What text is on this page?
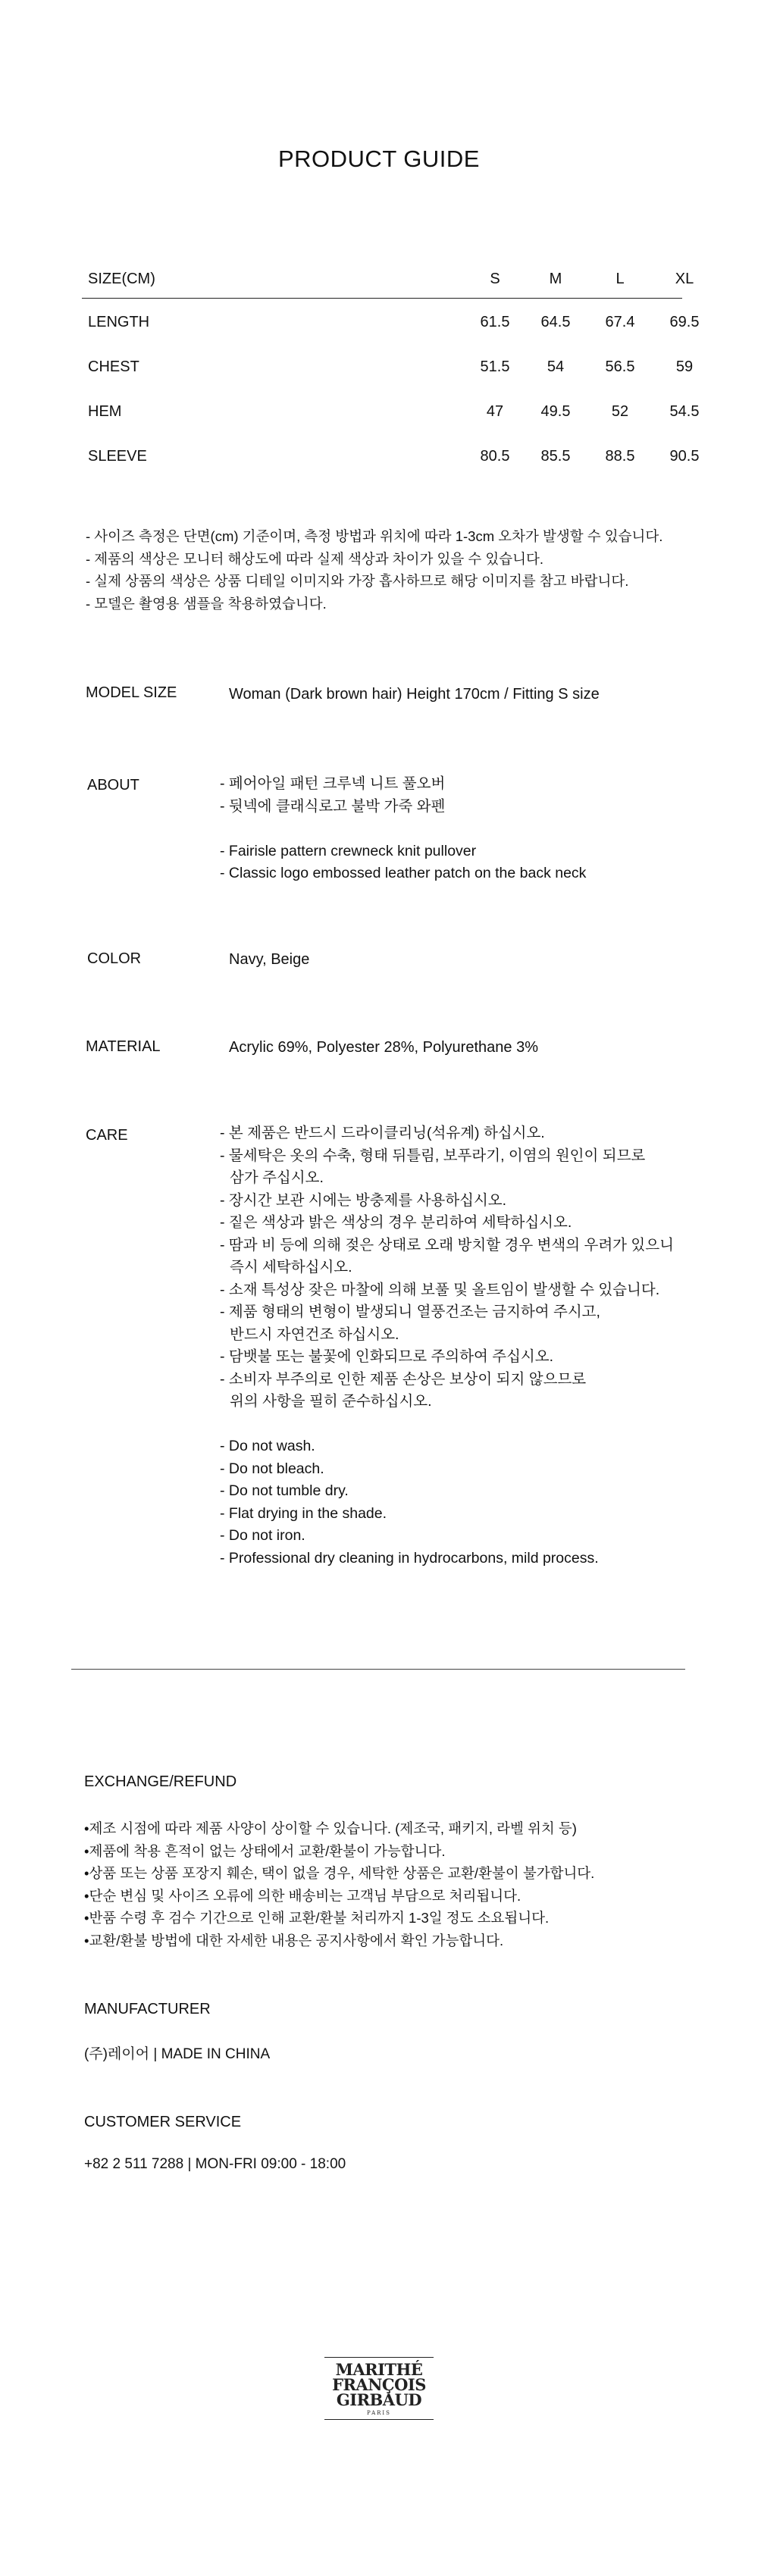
PRODUCT GUIDE
SIZE(CM)	S	M	L	XL
LENGTH	61.5	64.5	67.4	69.5
CHEST	51.5	54	56.5	59
HEM	47	49.5	52	54.5
SLEEVE	80.5	85.5	88.5	90.5
- 사이즈 측정은 단면(cm) 기준이며, 측정 방법과 위치에 따라 1-3cm 오차가 발생할 수 있습니다.
- 제품의 색상은 모니터 해상도에 따라 실제 색상과 차이가 있을 수 있습니다.
- 실제 상품의 색상은 상품 디테일 이미지와 가장 흡사하므로 해당 이미지를 참고 바랍니다.
- 모델은 촬영용 샘플을 착용하였습니다.
MODEL SIZE	Woman (Dark brown hair) Height 170cm / Fitting S size
ABOUT	- 페어아일 패턴 크루넥 니트 풀오버
- 뒷넥에 클래식로고 불박 가죽 와펜
- Fairisle pattern crewneck knit pullover
- Classic logo embossed leather patch on the back neck
COLOR	Navy, Beige
MATERIAL	Acrylic 69%, Polyester 28%, Polyurethane 3%
CARE	- 본 제품은 반드시 드라이클리닝(석유계) 하십시오.
- 물세탁은 옷의 수축, 형태 뒤틀림, 보푸라기, 이염의 원인이 되므로
삼가 주십시오.
- 장시간 보관 시에는 방충제를 사용하십시오.
- 짙은 색상과 밝은 색상의 경우 분리하여 세탁하십시오.
- 땀과 비 등에 의해 젖은 상태로 오래 방치할 경우 변색의 우려가 있으니
즉시 세탁하십시오.
- 소재 특성상 잦은 마찰에 의해 보풀 및 올트임이 발생할 수 있습니다.
- 제품 형태의 변형이 발생되니 열풍건조는 금지하여 주시고,
반드시 자연건조 하십시오.
- 담뱃불 또는 불꽃에 인화되므로 주의하여 주십시오.
- 소비자 부주의로 인한 제품 손상은 보상이 되지 않으므로
위의 사항을 필히 준수하십시오.
- Do not wash.
- Do not bleach.
- Do not tumble dry.
- Flat drying in the shade.
- Do not iron.
- Professional dry cleaning in hydrocarbons, mild process.
EXCHANGE/REFUND
•제조 시점에 따라 제품 사양이 상이할 수 있습니다. (제조국, 패키지, 라벨 위치 등)
•제품에 착용 흔적이 없는 상태에서 교환/환불이 가능합니다.
•상품 또는 상품 포장지 훼손, 택이 없을 경우, 세탁한 상품은 교환/환불이 불가합니다.
•단순 변심 및 사이즈 오류에 의한 배송비는 고객님 부담으로 처리됩니다.
•반품 수령 후 검수 기간으로 인해 교환/환불 처리까지 1-3일 정도 소요됩니다.
•교환/환불 방법에 대한 자세한 내용은 공지사항에서 확인 가능합니다.
MANUFACTURER
(주)레이어 | MADE IN CHINA
CUSTOMER SERVICE
+82 2 511 7288 | MON-FRI 09:00 - 18:00
MARITHÉ
FRANÇOIS
GIRBAUD
PARIS
